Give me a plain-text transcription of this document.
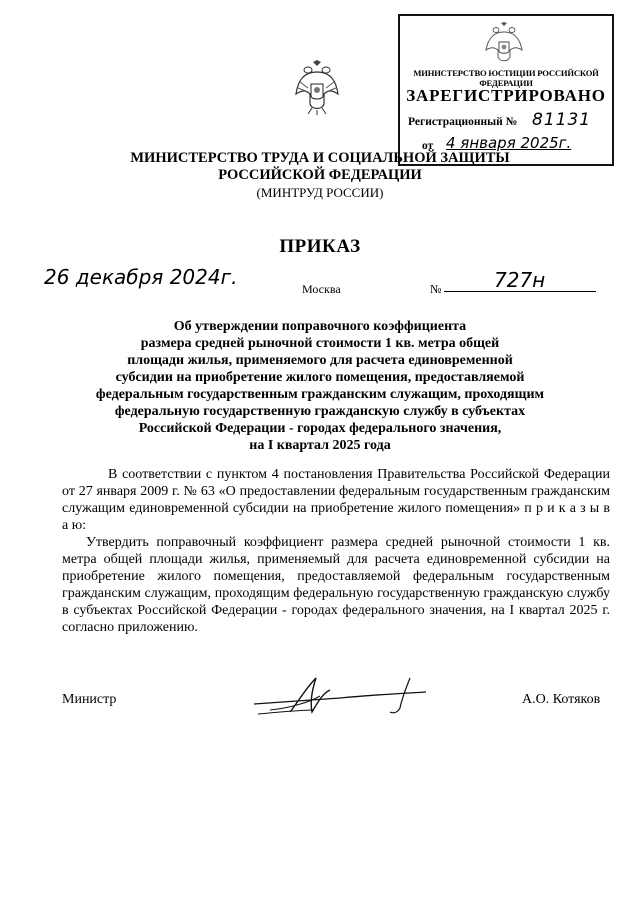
МИНИСТЕРСТВО ЮСТИЦИИ РОССИЙСКОЙ ФЕДЕРАЦИИ
ЗАРЕГИСТРИРОВАНО
Регистрационный № 81131
от 4 января 2025г.
МИНИСТЕРСТВО ТРУДА И СОЦИАЛЬНОЙ ЗАЩИТЫ
РОССИЙСКОЙ ФЕДЕРАЦИИ
(МИНТРУД РОССИИ)
ПРИКАЗ
26 декабря 2024г.	Москва	№	727н
Об утверждении поправочного коэффициента
размера средней рыночной стоимости 1 кв. метра общей
площади жилья, применяемого для расчета единовременной
субсидии на приобретение жилого помещения, предоставляемой
федеральным государственным гражданским служащим, проходящим
федеральную государственную гражданскую службу в субъектах
Российской Федерации - городах федерального значения,
на I квартал 2025 года
В соответствии с пунктом 4 постановления Правительства Российской Федерации от 27 января 2009 г. № 63 «О предоставлении федеральным государственным гражданским служащим единовременной субсидии на приобретение жилого помещения» п р и к а з ы в а ю:
Утвердить поправочный коэффициент размера средней рыночной стоимости 1 кв. метра общей площади жилья, применяемый для расчета единовременной субсидии на приобретение жилого помещения, предоставляемой федеральным государственным гражданским служащим, проходящим федеральную государственную гражданскую службу в субъектах Российской Федерации - городах федерального значения, на I квартал 2025 г. согласно приложению.
Министр	А.О. Котяков
